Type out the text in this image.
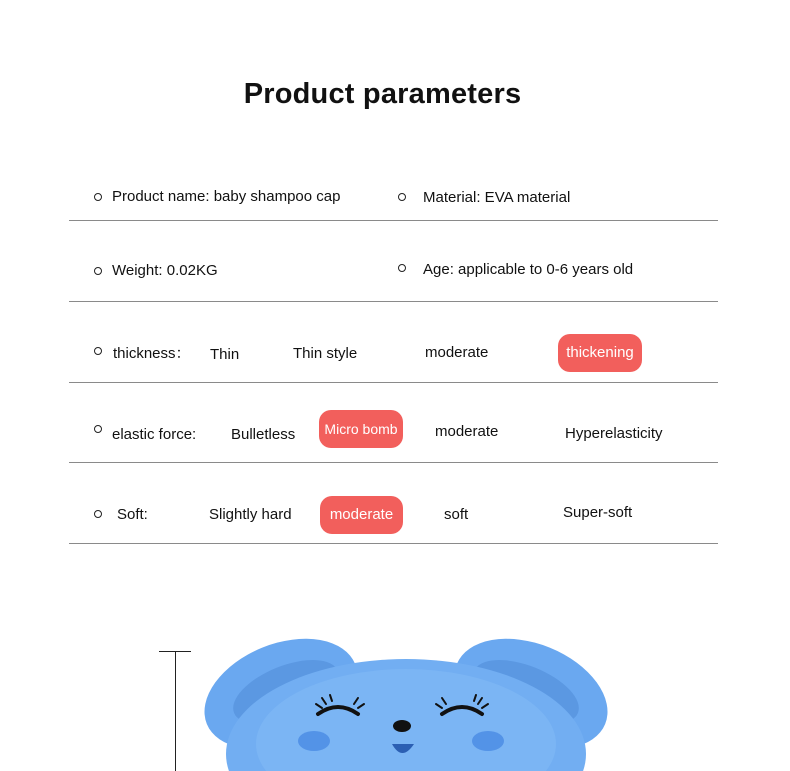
Product parameters
Product name: baby shampoo cap	Material: EVA material
Weight: 0.02KG	Age: applicable to 0-6 years old
thickness： Thin	Thin style	moderate	thickening
elastic force: Bulletless	Micro bomb	moderate	Hyperelasticity
Soft:	Slightly hard	moderate	soft	Super-soft
